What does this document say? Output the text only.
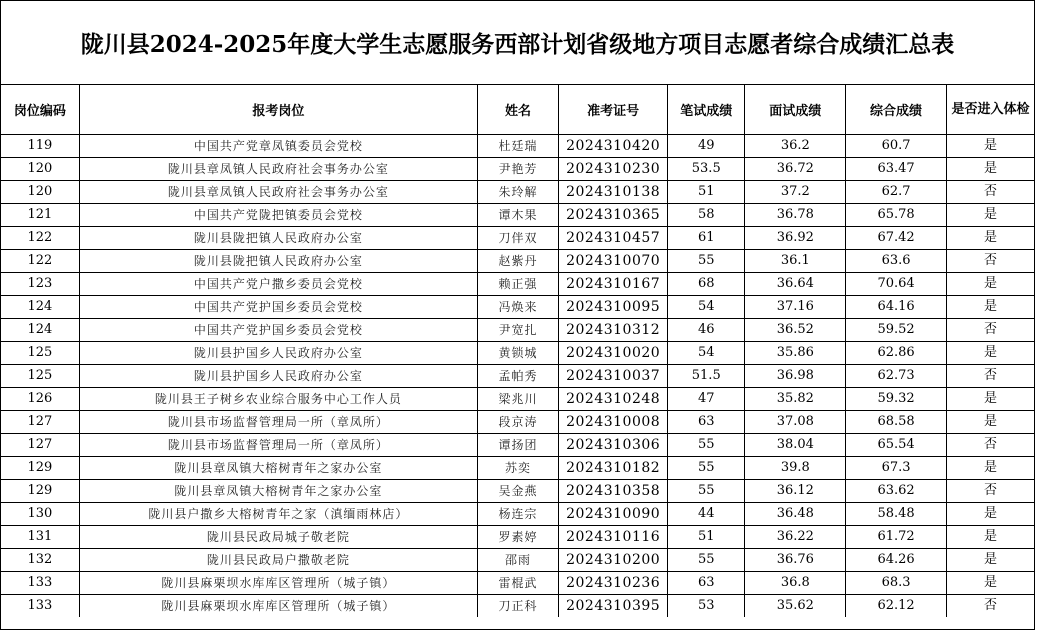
陇川县2024-2025年度大学生志愿服务西部计划省级地方项目志愿者综合成绩汇总表
岗位编码	报考岗位	姓名	准考证号	笔试成绩	面试成绩	综合成绩	是否进入体检
119	中国共产党章凤镇委员会党校	杜廷瑞	2024310420	49	36.2	60.7	是
120	陇川县章凤镇人民政府社会事务办公室	尹艳芳	2024310230	53.5	36.72	63.47	是
120	陇川县章凤镇人民政府社会事务办公室	朱玲解	2024310138	51	37.2	62.7	否
121	中国共产党陇把镇委员会党校	谭木果	2024310365	58	36.78	65.78	是
122	陇川县陇把镇人民政府办公室	刀伴双	2024310457	61	36.92	67.42	是
122	陇川县陇把镇人民政府办公室	赵紫丹	2024310070	55	36.1	63.6	否
123	中国共产党户撒乡委员会党校	赖正强	2024310167	68	36.64	70.64	是
124	中国共产党护国乡委员会党校	冯焕来	2024310095	54	37.16	64.16	是
124	中国共产党护国乡委员会党校	尹宽扎	2024310312	46	36.52	59.52	否
125	陇川县护国乡人民政府办公室	黄锁城	2024310020	54	35.86	62.86	是
125	陇川县护国乡人民政府办公室	孟帕秀	2024310037	51.5	36.98	62.73	否
126	陇川县王子树乡农业综合服务中心工作人员	梁兆川	2024310248	47	35.82	59.32	是
127	陇川县市场监督管理局一所（章凤所）	段京涛	2024310008	63	37.08	68.58	是
127	陇川县市场监督管理局一所（章凤所）	谭扬团	2024310306	55	38.04	65.54	否
129	陇川县章凤镇大榕树青年之家办公室	苏奕	2024310182	55	39.8	67.3	是
129	陇川县章凤镇大榕树青年之家办公室	吴金燕	2024310358	55	36.12	63.62	否
130	陇川县户撒乡大榕树青年之家（滇缅雨林店）	杨连宗	2024310090	44	36.48	58.48	是
131	陇川县民政局城子敬老院	罗素婷	2024310116	51	36.22	61.72	是
132	陇川县民政局户撒敬老院	邵雨	2024310200	55	36.76	64.26	是
133	陇川县麻栗坝水库库区管理所（城子镇）	雷棍武	2024310236	63	36.8	68.3	是
133	陇川县麻栗坝水库库区管理所（城子镇）	刀正科	2024310395	53	35.62	62.12	否
